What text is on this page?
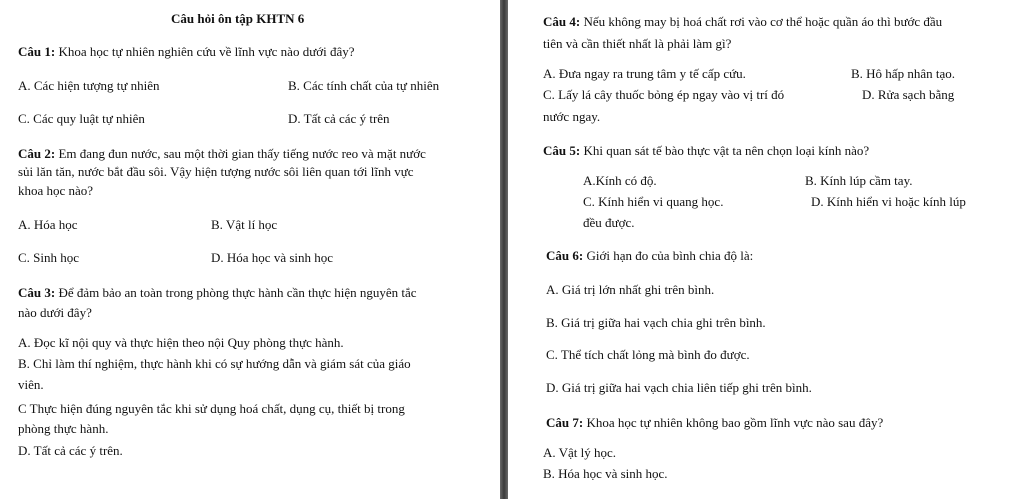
Câu hỏi ôn tập KHTN 6
Câu 1: Khoa học tự nhiên nghiên cứu về lĩnh vực nào dưới đây?
A. Các hiện tượng tự nhiên	B. Các tính chất của tự nhiên
C. Các quy luật tự nhiên	D. Tất cả các ý trên
Câu 2: Em đang đun nước, sau một thời gian thấy tiếng nước reo và mặt nước
sủi lăn tăn, nước bắt đầu sôi. Vậy hiện tượng nước sôi liên quan tới lĩnh vực
khoa học nào?
A. Hóa học	B. Vật lí học
C. Sinh học	D. Hóa học và sinh học
Câu 3: Để đảm bảo an toàn trong phòng thực hành cần thực hiện nguyên tắc
nào dưới đây?
A. Đọc kĩ nội quy và thực hiện theo nội Quy phòng thực hành.
B. Chỉ làm thí nghiệm, thực hành khi có sự hướng dẫn và giám sát của giáo
viên.
C Thực hiện đúng nguyên tắc khi sử dụng hoá chất, dụng cụ, thiết bị trong
phòng thực hành.
D. Tất cả các ý trên.
Câu 4: Nếu không may bị hoá chất rơi vào cơ thể hoặc quần áo thì bước đầu
tiên và cần thiết nhất là phải làm gì?
A. Đưa ngay ra trung tâm y tế cấp cứu.	B. Hô hấp nhân tạo.
C. Lấy lá cây thuốc bỏng ép ngay vào vị trí đó	D. Rửa sạch bằng
nước ngay.
Câu 5: Khi quan sát tế bào thực vật ta nên chọn loại kính nào?
A.Kính có độ.	B. Kính lúp cầm tay.
C. Kính hiển vi quang học.	D. Kính hiển vi hoặc kính lúp
đều được.
Câu 6: Giới hạn đo của bình chia độ là:
A. Giá trị lớn nhất ghi trên bình.
B. Giá trị giữa hai vạch chia ghi trên bình.
C. Thể tích chất lỏng mà bình đo được.
D. Giá trị giữa hai vạch chia liên tiếp ghi trên bình.
Câu 7: Khoa học tự nhiên không bao gồm lĩnh vực nào sau đây?
A. Vật lý học.
B. Hóa học và sinh học.
